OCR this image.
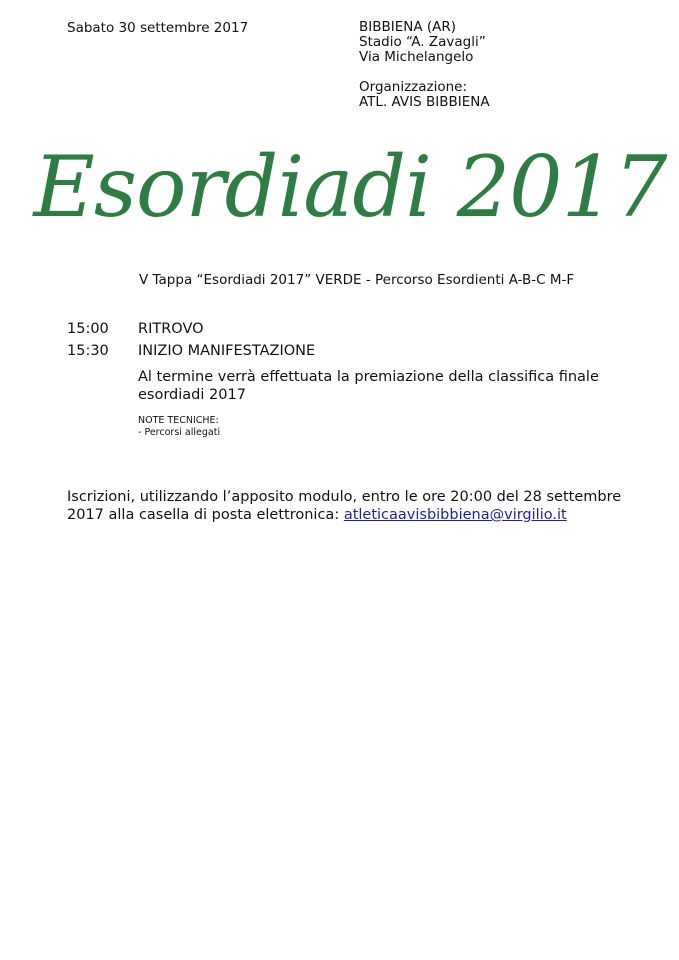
Sabato 30 settembre 2017	BIBBIENA (AR)
Stadio “A. Zavagli”
Via Michelangelo
Organizzazione:
ATL. AVIS BIBBIENA
Esordiadi 2017
V Tappa “Esordiadi 2017” VERDE - Percorso Esordienti A-B-C M-F
15:00 RITROVO
15:30 INIZIO MANIFESTAZIONE
Al termine verrà effettuata la premiazione della classifica finale esordiadi 2017
NOTE TECNICHE:
- Percorsi allegati
Iscrizioni, utilizzando l’apposito modulo, entro le ore 20:00 del 28 settembre 2017 alla casella di posta elettronica: atleticaavisbibbiena@virgilio.it
